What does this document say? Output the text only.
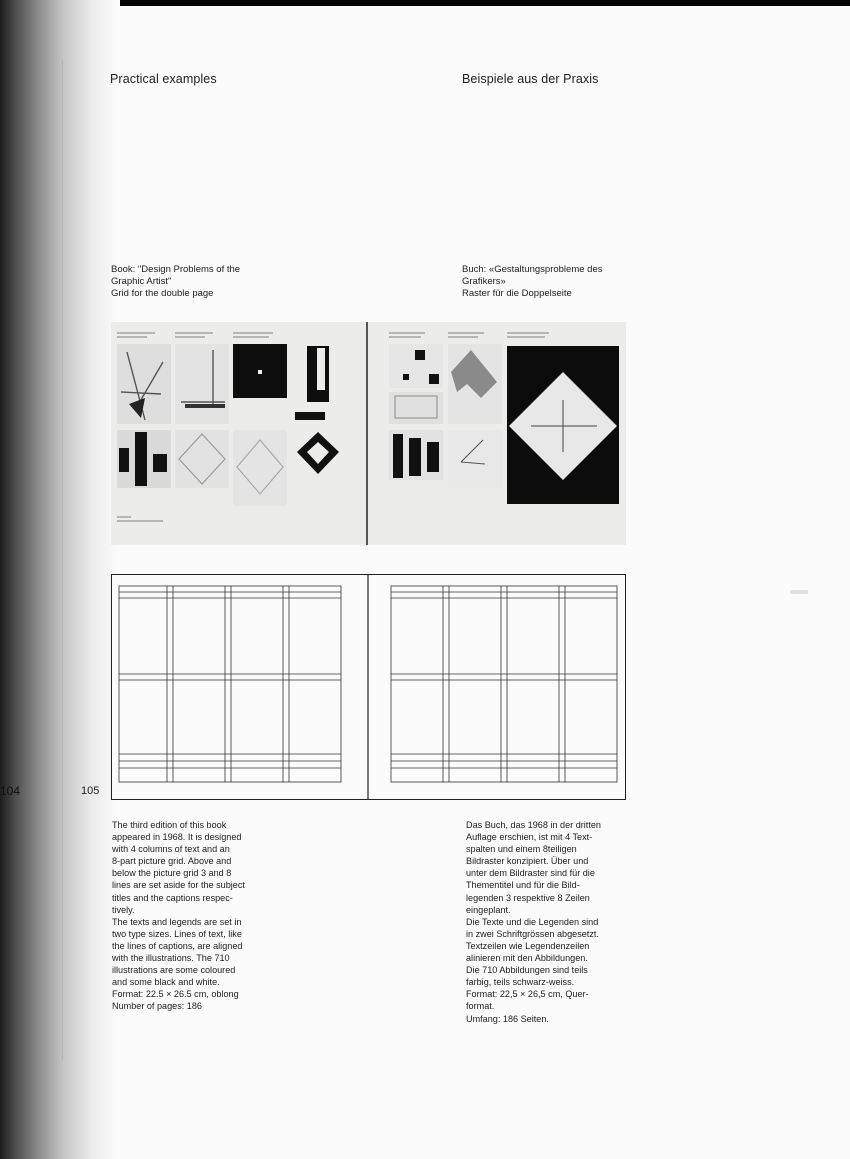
Practical examples	Beispiele aus der Praxis
Book: "Design Problems of the
Graphic Artist"
Grid for the double page
Buch: «Gestaltungsprobleme des
Grafikers»
Raster für die Doppelseite
104	105
The third edition of this book
appeared in 1968. It is designed
with 4 columns of text and an
8-part picture grid. Above and
below the picture grid 3 and 8
lines are set aside for the subject
titles and the captions respec-
tively.
The texts and legends are set in
two type sizes. Lines of text, like
the lines of captions, are aligned
with the illustrations. The 710
illustrations are some coloured
and some black and white.
Format: 22.5 × 26.5 cm, oblong
Number of pages: 186
Das Buch, das 1968 in der dritten
Auflage erschien, ist mit 4 Text-
spalten und einem 8teiligen
Bildraster konzipiert. Über und
unter dem Bildraster sind für die
Thementitel und für die Bild-
legenden 3 respektive 8 Zeilen
eingeplant.
Die Texte und die Legenden sind
in zwei Schriftgrössen abgesetzt.
Textzeilen wie Legendenzeilen
alinieren mit den Abbildungen.
Die 710 Abbildungen sind teils
farbig, teils schwarz-weiss.
Format: 22,5 × 26,5 cm, Quer-
format.
Umfang: 186 Seiten.
